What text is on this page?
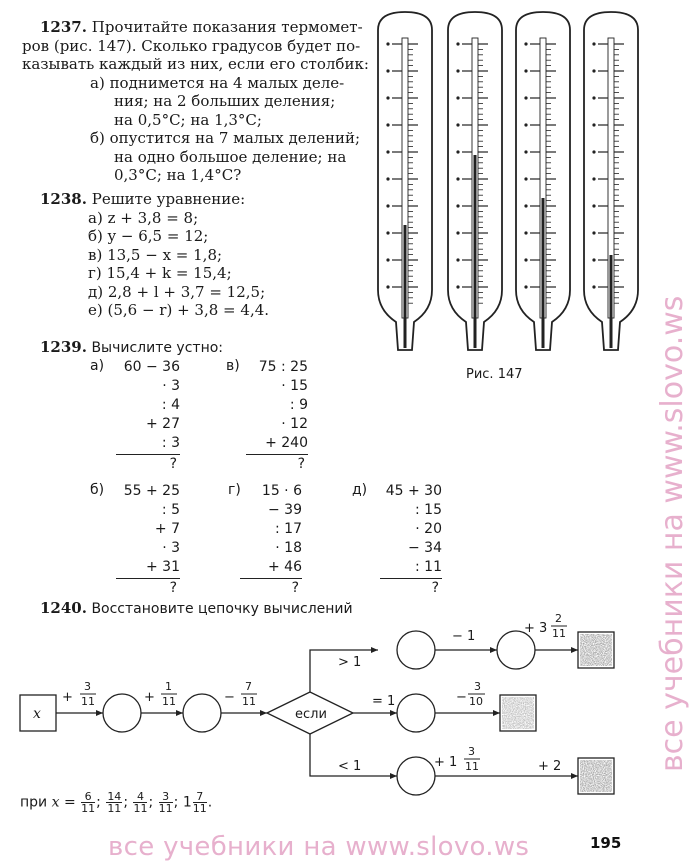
1237. Прочитайте показания термомет-
ров (рис. 147). Сколько градусов будет по-
казывать каждый из них, если его столбик:
а) поднимется на 4 малых деле-
ния; на 2 больших деления;
на 0,5°С; на 1,3°С;
б) опустится на 7 малых делений;
на одно большое деление; на
0,3°С; на 1,4°С?
1238. Решите уравнение:
а) z + 3,8 = 8;
б) y − 6,5 = 12;
в) 13,5 − x = 1,8;
г) 15,4 + k = 15,4;
д) 2,8 + l + 3,7 = 12,5;
е) (5,6 − r) + 3,8 = 4,4.
Рис. 147
1239. Вычислите устно:
а)	60 − 36
· 3
: 4
+ 27
: 3
?
в)	75 : 25
· 15
: 9
· 12
+ 240
?
б)	55 + 25
: 5
+ 7
· 3
+ 31
?
г)	15 · 6
− 39
: 17
· 18
+ 46
?
д)	45 + 30
: 15
· 20
− 34
: 11
?
1240. Восстановите цепочку вычислений
x	если
+
3
11	+
1
11	−
7
11
> 1
− 1
+ 3
2
11
= 1	−
3
10
< 1	+ 1
3
11	+ 2
при $x = \frac{6}{11}$ ; $\frac{14}{11}$ ; $\frac{4}{11}$ ; $\frac{3}{11}$ ; $1 \frac{7}{11}$ .
все учебники на www.slovo.ws
все учебники на www.slovo.ws	195
